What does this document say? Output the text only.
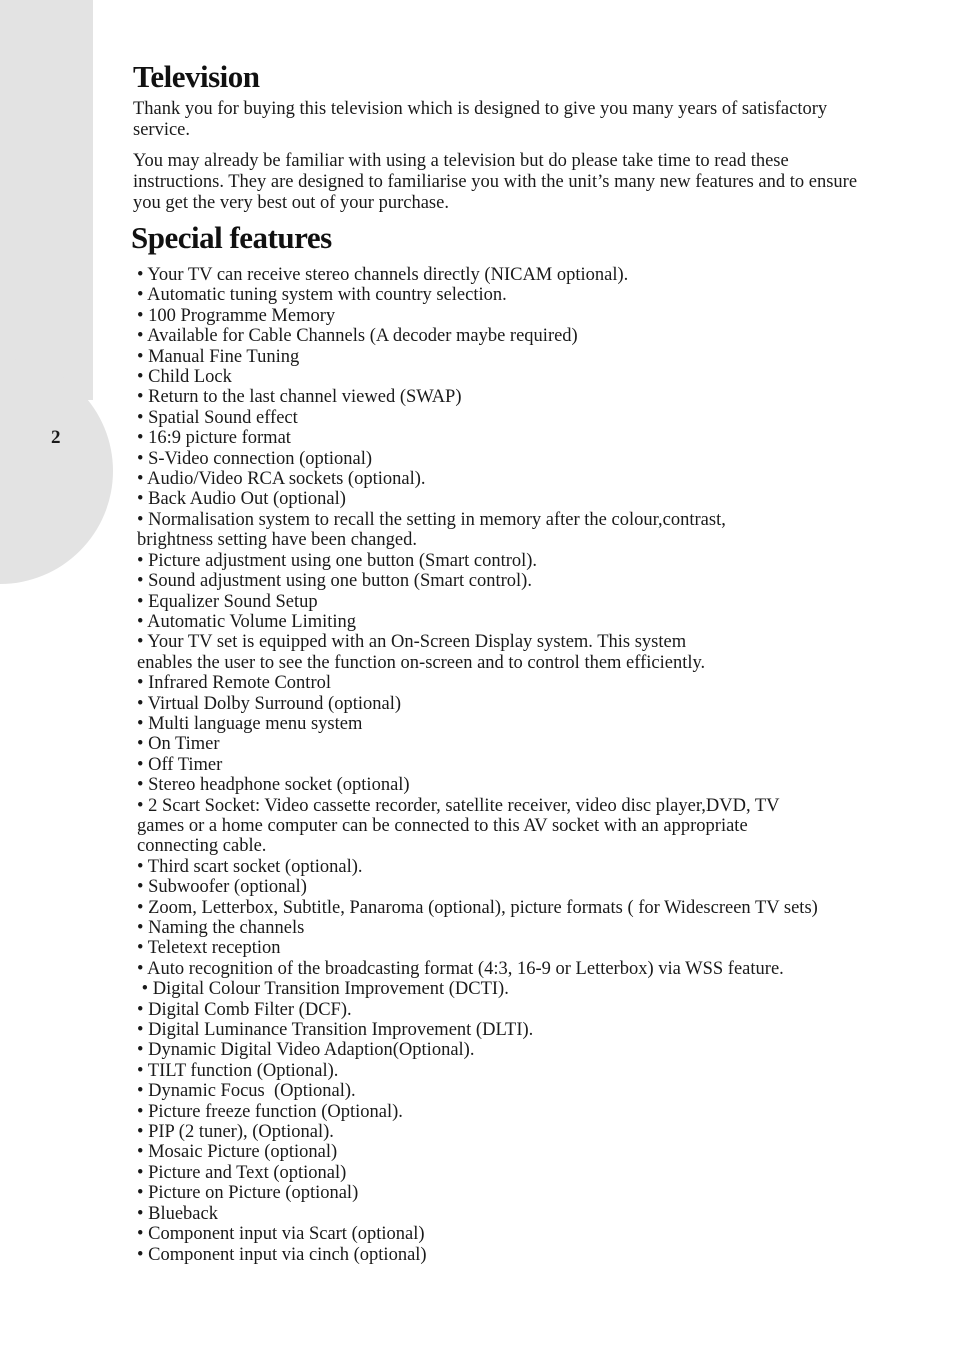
2
Television

Thank you for buying this television which is designed to give you many years of satisfactory service.

You may already be familiar with using a television but do please take time to read these instructions. They are designed to familiarise you with the unit’s many new features and to ensure you get the very best out of your purchase.

Special features
• Your TV can receive stereo channels directly (NICAM optional).
• Automatic tuning system with country selection.
• 100 Programme Memory
• Available for Cable Channels (A decoder maybe required)
• Manual Fine Tuning
• Child Lock
• Return to the last channel viewed (SWAP)
• Spatial Sound effect
• 16:9 picture format
• S-Video connection (optional)
• Audio/Video RCA sockets (optional).
• Back Audio Out (optional)
• Normalisation system to recall the setting in memory after the colour,contrast,
brightness setting have been changed.
• Picture adjustment using one button (Smart control).
• Sound adjustment using one button (Smart control).
• Equalizer Sound Setup
• Automatic Volume Limiting
• Your TV set is equipped with an On-Screen Display system. This system
enables the user to see the function on-screen and to control them efficiently.
• Infrared Remote Control
• Virtual Dolby Surround (optional)
• Multi language menu system
• On Timer
• Off Timer
• Stereo headphone socket (optional)
• 2 Scart Socket: Video cassette recorder, satellite receiver, video disc player,DVD, TV
games or a home computer can be connected to this AV socket with an appropriate
connecting cable.
• Third scart socket (optional).
• Subwoofer (optional)
• Zoom, Letterbox, Subtitle, Panaroma (optional), picture formats ( for Widescreen TV sets)
• Naming the channels
• Teletext reception
• Auto recognition of the broadcasting format (4:3, 16-9 or Letterbox) via WSS feature.
• Digital Colour Transition Improvement (DCTI).
• Digital Comb Filter (DCF).
• Digital Luminance Transition Improvement (DLTI).
• Dynamic Digital Video Adaption(Optional).
• TILT function (Optional).
• Dynamic Focus  (Optional).
• Picture freeze function (Optional).
• PIP (2 tuner), (Optional).
• Mosaic Picture (optional)
• Picture and Text (optional)
• Picture on Picture (optional)
• Blueback
• Component input via Scart (optional)
• Component input via cinch (optional)
